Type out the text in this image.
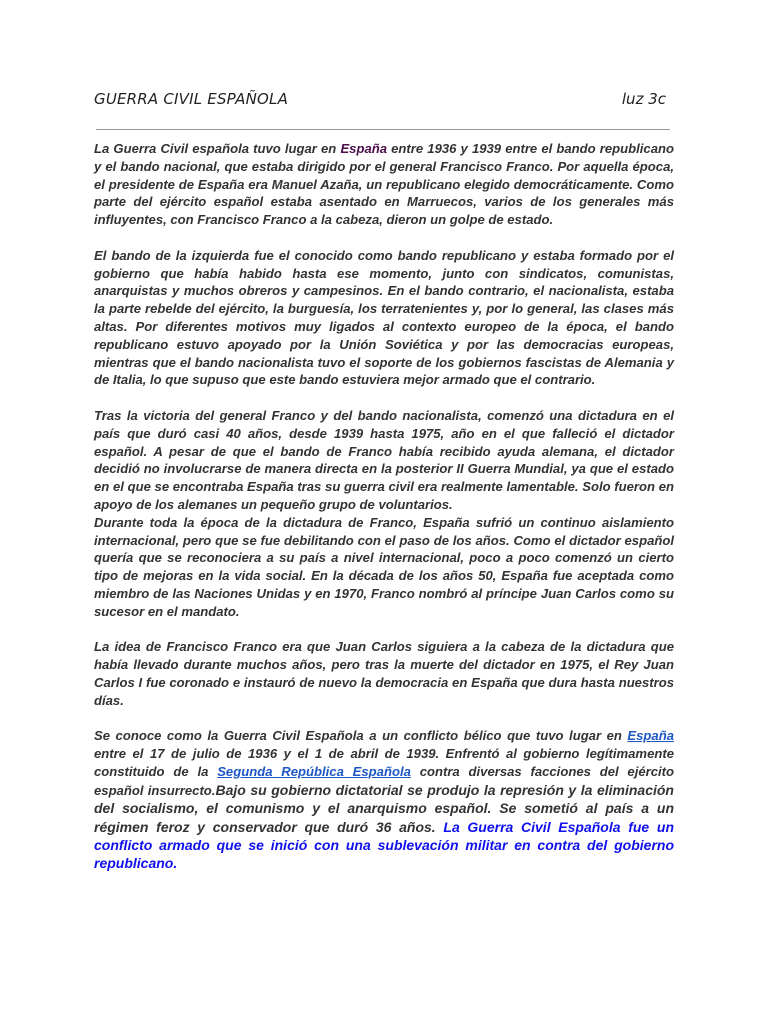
GUERRA CIVIL ESPAÑOLA	luz 3c

La Guerra Civil española tuvo lugar en España entre 1936 y 1939 entre el bando republicano y el bando nacional, que estaba dirigido por el general Francisco Franco. Por aquella época, el presidente de España era Manuel Azaña, un republicano elegido democráticamente. Como parte del ejército español estaba asentado en Marruecos, varios de los generales más influyentes, con Francisco Franco a la cabeza, dieron un golpe de estado.

El bando de la izquierda fue el conocido como bando republicano y estaba formado por el gobierno que había habido hasta ese momento, junto con sindicatos, comunistas, anarquistas y muchos obreros y campesinos. En el bando contrario, el nacionalista, estaba la parte rebelde del ejército, la burguesía, los terratenientes y, por lo general, las clases más altas. Por diferentes motivos muy ligados al contexto europeo de la época, el bando republicano estuvo apoyado por la Unión Soviética y por las democracias europeas, mientras que el bando nacionalista tuvo el soporte de los gobiernos fascistas de Alemania y de Italia, lo que supuso que este bando estuviera mejor armado que el contrario.

Tras la victoria del general Franco y del bando nacionalista, comenzó una dictadura en el país que duró casi 40 años, desde 1939 hasta 1975, año en el que falleció el dictador español. A pesar de que el bando de Franco había recibido ayuda alemana, el dictador decidió no involucrarse de manera directa en la posterior II Guerra Mundial, ya que el estado en el que se encontraba España tras su guerra civil era realmente lamentable. Solo fueron en apoyo de los alemanes un pequeño grupo de voluntarios.

Durante toda la época de la dictadura de Franco, España sufrió un continuo aislamiento internacional, pero que se fue debilitando con el paso de los años. Como el dictador español quería que se reconociera a su país a nivel internacional, poco a poco comenzó un cierto tipo de mejoras en la vida social. En la década de los años 50, España fue aceptada como miembro de las Naciones Unidas y en 1970, Franco nombró al príncipe Juan Carlos como su sucesor en el mandato.

La idea de Francisco Franco era que Juan Carlos siguiera a la cabeza de la dictadura que había llevado durante muchos años, pero tras la muerte del dictador en 1975, el Rey Juan Carlos I fue coronado e instauró de nuevo la democracia en España que dura hasta nuestros días.

Se conoce como la Guerra Civil Española a un conflicto bélico que tuvo lugar en España entre el 17 de julio de 1936 y el 1 de abril de 1939. Enfrentó al gobierno legítimamente constituido de la Segunda República Española contra diversas facciones del ejército español insurrecto.Bajo su gobierno dictatorial se produjo la represión y la eliminación del socialismo, el comunismo y el anarquismo español. Se sometió al país a un régimen feroz y conservador que duró 36 años. La Guerra Civil Española fue un conflicto armado que se inició con una sublevación militar en contra del gobierno republicano.
